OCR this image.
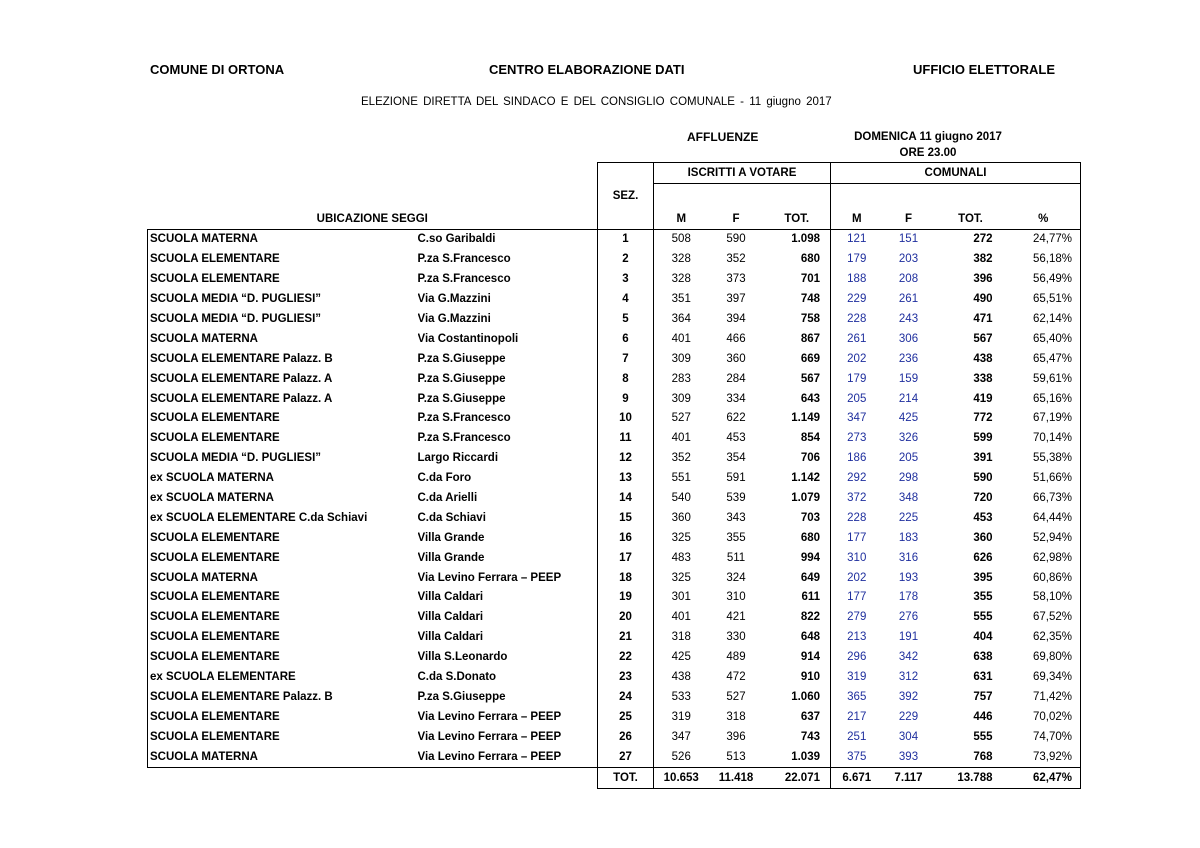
COMUNE DI ORTONA	CENTRO ELABORAZIONE DATI	UFFICIO ELETTORALE
ELEZIONE DIRETTA DEL SINDACO E DEL CONSIGLIO COMUNALE - 11 giugno 2017
AFFLUENZE	DOMENICA 11 giugno 2017
ORE 23.00
			ISCRITTI A VOTARE			COMUNALI			
		SEZ.							
UBICAZIONE SEGGI			M	F	TOT.	M	F	TOT.	%
SCUOLA MATERNA	C.so Garibaldi	1	508	590	1.098	121	151	272	24,77%
SCUOLA ELEMENTARE	P.za S.Francesco	2	328	352	680	179	203	382	56,18%
SCUOLA ELEMENTARE	P.za S.Francesco	3	328	373	701	188	208	396	56,49%
SCUOLA MEDIA “D. PUGLIESI”	Via G.Mazzini	4	351	397	748	229	261	490	65,51%
SCUOLA MEDIA “D. PUGLIESI”	Via G.Mazzini	5	364	394	758	228	243	471	62,14%
SCUOLA MATERNA	Via Costantinopoli	6	401	466	867	261	306	567	65,40%
SCUOLA ELEMENTARE Palazz. B	P.za S.Giuseppe	7	309	360	669	202	236	438	65,47%
SCUOLA ELEMENTARE Palazz. A	P.za S.Giuseppe	8	283	284	567	179	159	338	59,61%
SCUOLA ELEMENTARE Palazz. A	P.za S.Giuseppe	9	309	334	643	205	214	419	65,16%
SCUOLA ELEMENTARE	P.za S.Francesco	10	527	622	1.149	347	425	772	67,19%
SCUOLA ELEMENTARE	P.za S.Francesco	11	401	453	854	273	326	599	70,14%
SCUOLA MEDIA “D. PUGLIESI”	Largo Riccardi	12	352	354	706	186	205	391	55,38%
ex SCUOLA MATERNA	C.da Foro	13	551	591	1.142	292	298	590	51,66%
ex SCUOLA MATERNA	C.da Arielli	14	540	539	1.079	372	348	720	66,73%
ex SCUOLA ELEMENTARE C.da Schiavi	C.da Schiavi	15	360	343	703	228	225	453	64,44%
SCUOLA ELEMENTARE	Villa Grande	16	325	355	680	177	183	360	52,94%
SCUOLA ELEMENTARE	Villa Grande	17	483	511	994	310	316	626	62,98%
SCUOLA MATERNA	Via Levino Ferrara – PEEP	18	325	324	649	202	193	395	60,86%
SCUOLA ELEMENTARE	Villa Caldari	19	301	310	611	177	178	355	58,10%
SCUOLA ELEMENTARE	Villa Caldari	20	401	421	822	279	276	555	67,52%
SCUOLA ELEMENTARE	Villa Caldari	21	318	330	648	213	191	404	62,35%
SCUOLA ELEMENTARE	Villa S.Leonardo	22	425	489	914	296	342	638	69,80%
ex SCUOLA ELEMENTARE	C.da S.Donato	23	438	472	910	319	312	631	69,34%
SCUOLA ELEMENTARE Palazz. B	P.za S.Giuseppe	24	533	527	1.060	365	392	757	71,42%
SCUOLA ELEMENTARE	Via Levino Ferrara – PEEP	25	319	318	637	217	229	446	70,02%
SCUOLA ELEMENTARE	Via Levino Ferrara – PEEP	26	347	396	743	251	304	555	74,70%
SCUOLA MATERNA	Via Levino Ferrara – PEEP	27	526	513	1.039	375	393	768	73,92%
		TOT.	10.653	11.418	22.071	6.671	7.117	13.788	62,47%
